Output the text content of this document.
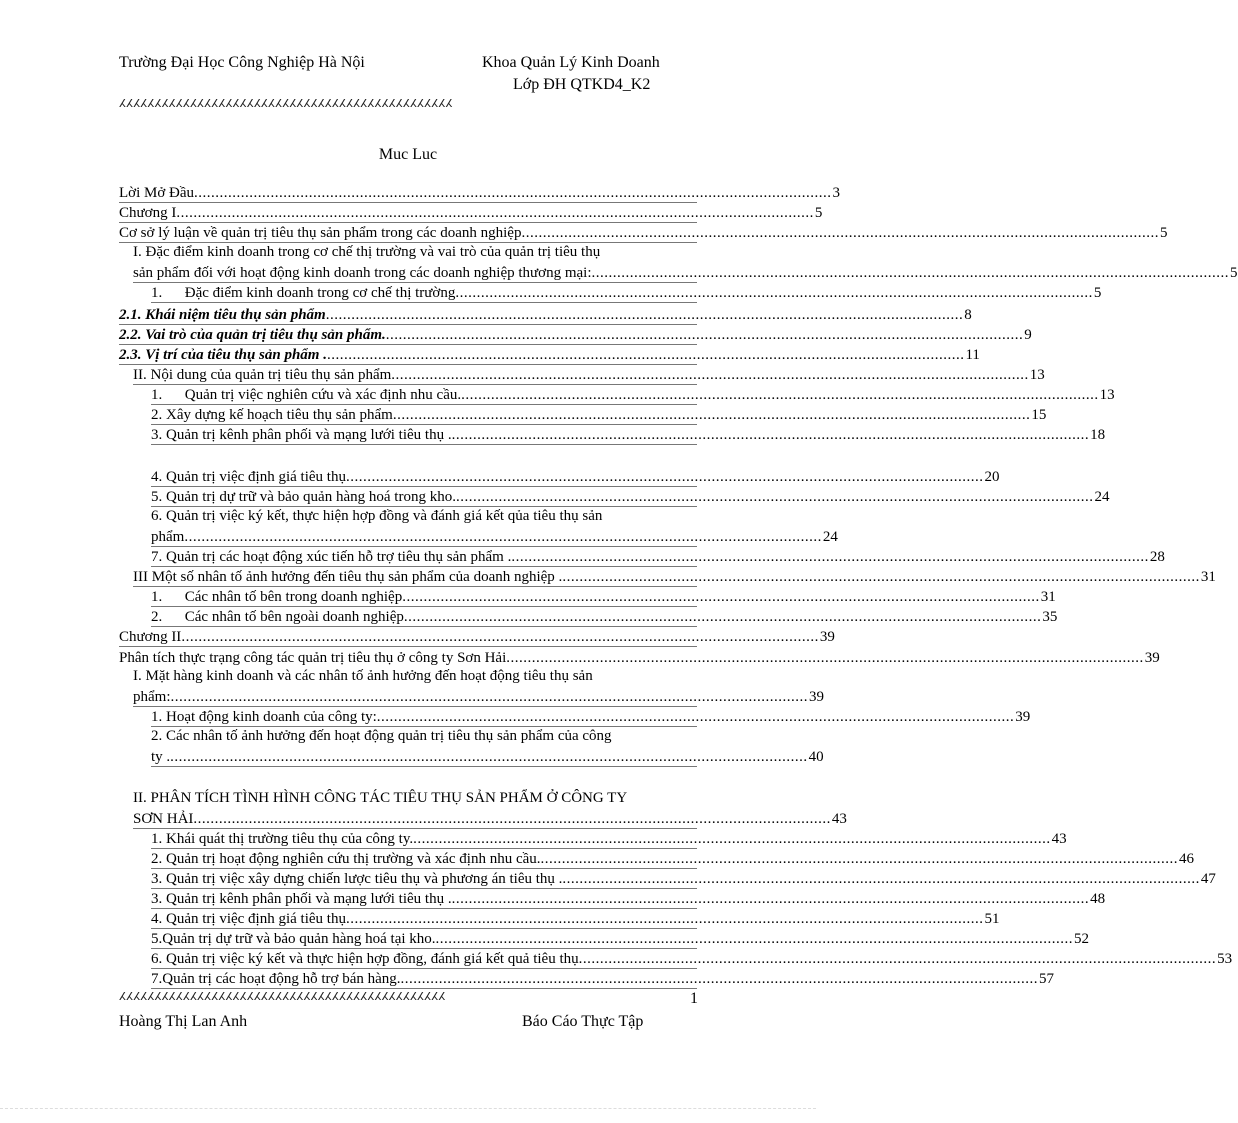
Trường Đại Học Công Nghiệp Hà Nội	Khoa Quản Lý Kinh Doanh
Lớp ĐH QTKD4_K2
ⵃⵃⵃⵃⵃⵃⵃⵃⵃⵃⵃⵃⵃⵃⵃⵃⵃⵃⵃⵃⵃⵃⵃⵃⵃⵃⵃⵃⵃⵃⵃⵃⵃⵃⵃⵃⵃⵃⵃⵃⵃⵃⵃⵃⵃⵃⵃ
Muc Luc
Lời Mở Đầu ...................................................................................................................................................... 3
Chương I ...................................................................................................................................................... 5
Cơ sở lý luận về quản trị tiêu thụ sản phẩm trong các doanh nghiệp ...................................................................................................................................................... 5
I. Đặc điểm kinh doanh trong cơ chế thị trường và vai trò của quản trị tiêu thụ
sản phẩm đối với hoạt động kinh doanh trong các doanh nghiệp thương mại: ...................................................................................................................................................... 5
1.      Đặc điểm kinh doanh trong cơ chế thị trường ...................................................................................................................................................... 5
2.1. Khái niệm tiêu thụ sản phẩm ...................................................................................................................................................... 8
2.2. Vai trò của quản trị tiêu thụ sản phẩm. ...................................................................................................................................................... 9
2.3. Vị trí của tiêu thụ sản phẩm . ...................................................................................................................................................... 11
II. Nội dung của quản trị tiêu thụ sản phẩm ...................................................................................................................................................... 13
1.      Quản trị việc nghiên cứu và xác định nhu cầu. ...................................................................................................................................................... 13
2. Xây dựng kế hoạch tiêu thụ sản phẩm ...................................................................................................................................................... 15
3. Quản trị kênh phân phối và mạng lưới tiêu thụ . ...................................................................................................................................................... 18
4. Quản trị việc định giá tiêu thụ ...................................................................................................................................................... 20
5. Quản trị dự trữ và bảo quản hàng hoá trong kho. ...................................................................................................................................................... 24
6. Quản trị việc ký kết, thực hiện hợp đồng và đánh giá kết qủa tiêu thụ sản
phẩm ...................................................................................................................................................... 24
7. Quản trị các hoạt động xúc tiến hỗ trợ tiêu thụ sản phẩm . ...................................................................................................................................................... 28
III Một số nhân tố ảnh hưởng đến tiêu thụ sản phẩm của doanh nghiệp . ...................................................................................................................................................... 31
1.      Các nhân tố bên trong doanh nghiệp ...................................................................................................................................................... 31
2.      Các nhân tố bên ngoài doanh nghiệp ...................................................................................................................................................... 35
Chương II ...................................................................................................................................................... 39
Phân tích thực trạng công tác quản trị tiêu thụ ở công ty Sơn Hải ...................................................................................................................................................... 39
I. Mặt hàng kinh doanh và các nhân tố ảnh hưởng đến hoạt động tiêu thụ sản
phẩm: ...................................................................................................................................................... 39
1. Hoạt động kinh doanh của công ty: ...................................................................................................................................................... 39
2. Các nhân tố ảnh hưởng đến hoạt động quản trị tiêu thụ sản phẩm của công
ty . ...................................................................................................................................................... 40
II. PHÂN TÍCH TÌNH HÌNH CÔNG TÁC TIÊU THỤ SẢN PHẨM Ở CÔNG TY
SƠN HẢI ...................................................................................................................................................... 43
1. Khái quát thị trường tiêu thụ của công ty. ...................................................................................................................................................... 43
2. Quản trị hoạt động nghiên cứu thị trường và xác định nhu cầu. ...................................................................................................................................................... 46
3. Quản trị việc xây dựng chiến lược tiêu thụ và phương án tiêu thụ . ...................................................................................................................................................... 47
3. Quản trị kênh phân phối và mạng lưới tiêu thụ . ...................................................................................................................................................... 48
4. Quản trị việc định giá tiêu thụ ...................................................................................................................................................... 51
5.Quản trị dự trữ và bảo quản hàng hoá tại kho. ...................................................................................................................................................... 52
6. Quản trị việc ký kết và thực hiện hợp đồng, đánh giá kết quả tiêu thụ ...................................................................................................................................................... 53
7.Quản trị các hoạt động hỗ trợ bán hàng. ...................................................................................................................................................... 57
ⵃⵃⵃⵃⵃⵃⵃⵃⵃⵃⵃⵃⵃⵃⵃⵃⵃⵃⵃⵃⵃⵃⵃⵃⵃⵃⵃⵃⵃⵃⵃⵃⵃⵃⵃⵃⵃⵃⵃⵃⵃⵃⵃⵃⵃⵃ	1
Hoàng Thị Lan Anh	Báo Cáo Thực Tập
